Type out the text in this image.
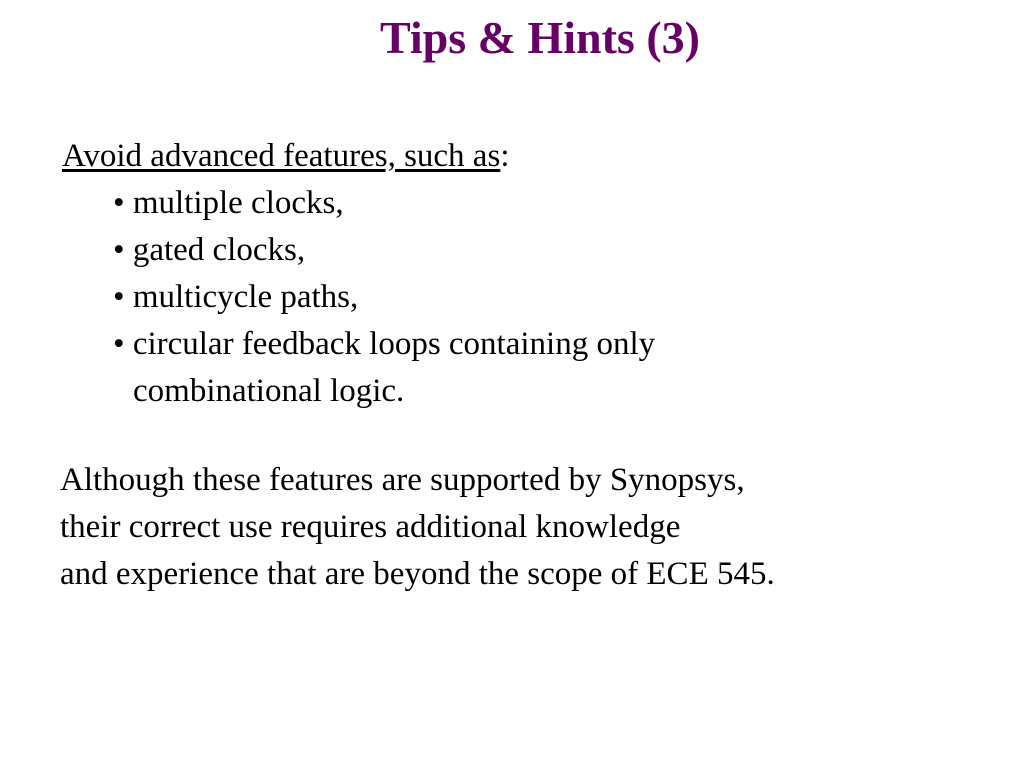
Tips & Hints (3)
Avoid advanced features, such as:
• multiple clocks,
• gated clocks,
• multicycle paths,
• circular feedback loops containing only
combinational logic.
Although these features are supported by Synopsys,
their correct use requires additional knowledge
and experience that are beyond the scope of ECE 545.
